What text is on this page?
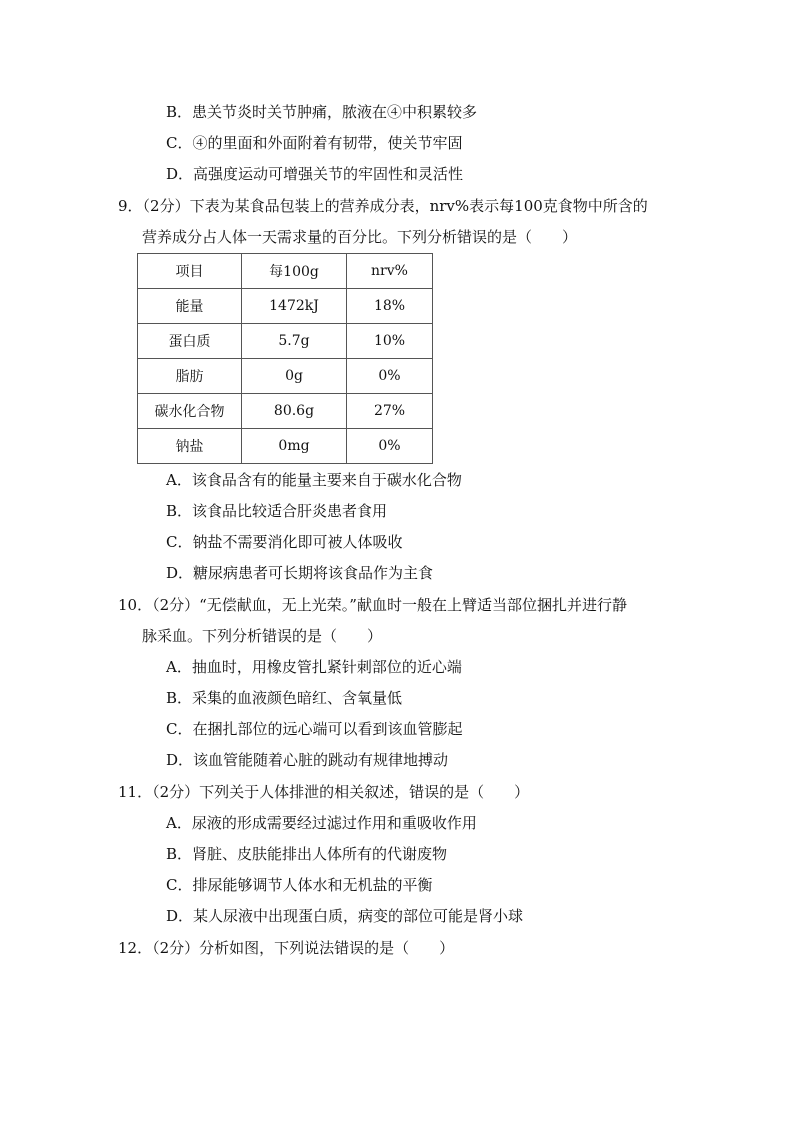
B．患关节炎时关节肿痛，脓液在④中积累较多
C．④的里面和外面附着有韧带，使关节牢固
D．高强度运动可增强关节的牢固性和灵活性
9．（2分）下表为某食品包装上的营养成分表，nrv%表示每100克食物中所含的
营养成分占人体一天需求量的百分比。下列分析错误的是（　　）
项目	每100g	nrv%
能量	1472kJ	18%
蛋白质	5.7g	10%
脂肪	0g	0%
碳水化合物	80.6g	27%
钠盐	0mg	0%
A．该食品含有的能量主要来自于碳水化合物
B．该食品比较适合肝炎患者食用
C．钠盐不需要消化即可被人体吸收
D．糖尿病患者可长期将该食品作为主食
10．（2分）“无偿献血，无上光荣。”献血时一般在上臂适当部位捆扎并进行静
脉采血。下列分析错误的是（　　）
A．抽血时，用橡皮管扎紧针刺部位的近心端
B．采集的血液颜色暗红、含氧量低
C．在捆扎部位的远心端可以看到该血管膨起
D．该血管能随着心脏的跳动有规律地搏动
11．（2分）下列关于人体排泄的相关叙述，错误的是（　　）
A．尿液的形成需要经过滤过作用和重吸收作用
B．肾脏、皮肤能排出人体所有的代谢废物
C．排尿能够调节人体水和无机盐的平衡
D．某人尿液中出现蛋白质，病变的部位可能是肾小球
12．（2分）分析如图，下列说法错误的是（　　）
